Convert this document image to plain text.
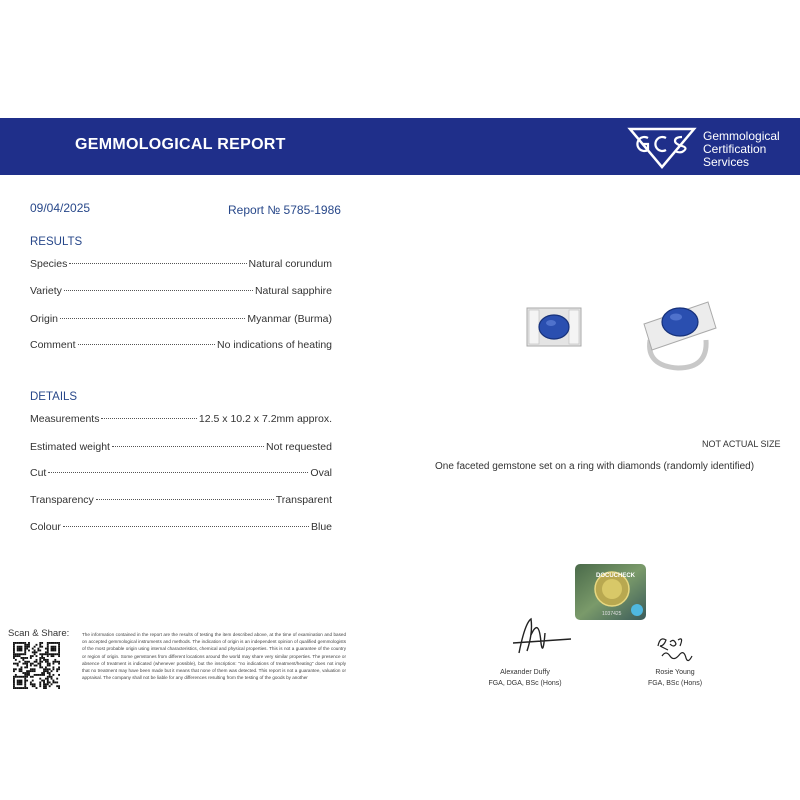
GEMMOLOGICAL REPORT	Gemmological
Certification
Services
09/04/2025	Report № 5785-1986
RESULTS
Species	Natural corundum
Variety	Natural sapphire
Origin	Myanmar (Burma)
Comment	No indications of heating
DETAILS
Measurements	12.5 x 10.2 x 7.2mm approx.
Estimated weight	Not requested
Cut	Oval
Transparency	Transparent
Colour	Blue
NOT ACTUAL SIZE
One faceted gemstone set on a ring with diamonds (randomly identified)
DOCUCHECK
1037425
Scan & Share:	The information contained in the report are the results of testing the item described above, at the time of examination and based on accepted gemmological instruments and methods. The indication of origin is an independent opinion of qualified gemmologists of the most probable origin using internal characteristics, chemical and physical properties. This is not a guarantee of the country or region of origin. Some gemstones from different locations around the world may share very similar properties. The presence or absence of treatment is indicated (whenever possible), but the inscription: "no indications of treatment/heating" does not imply that no treatment may have been made but it means that none of them was detected. This report is not a guarantee, valuation or appraisal. The company shall not be liable for any differences resulting from the testing of the goods by another
Alexander Duffy
FGA, DGA, BSc (Hons)
Rosie Young
FGA, BSc (Hons)
